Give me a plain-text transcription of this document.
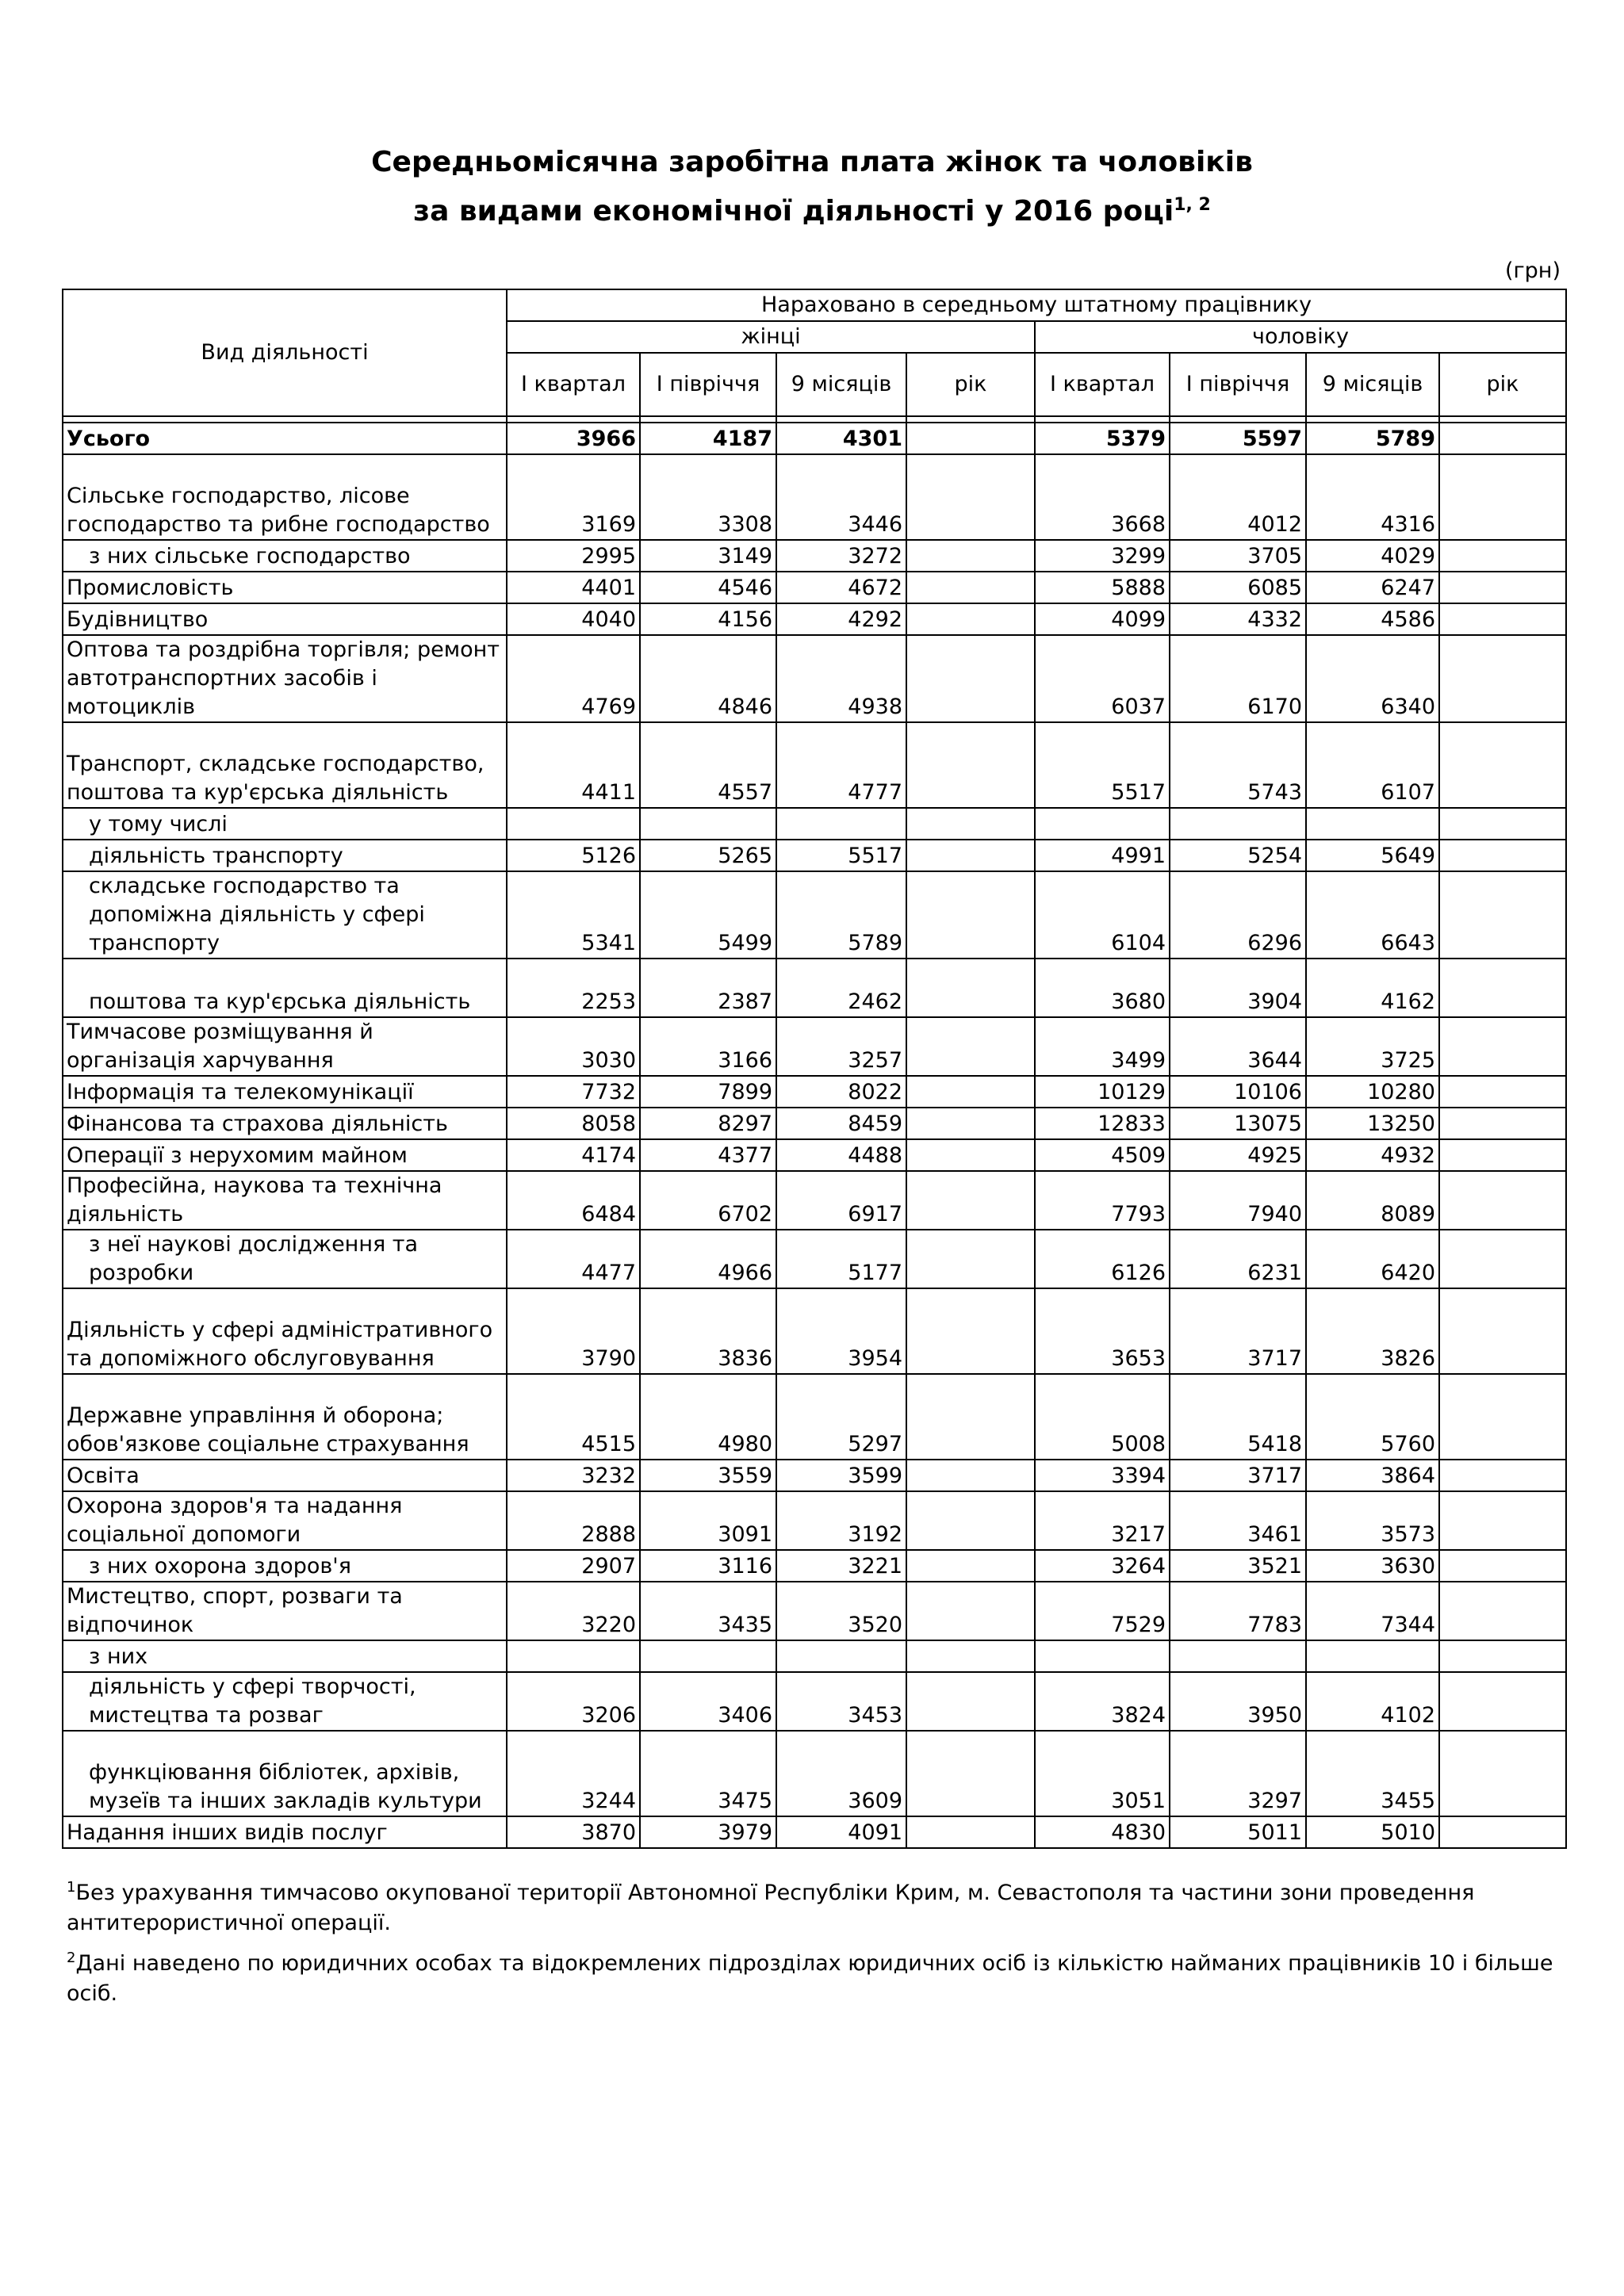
Середньомісячна заробітна плата жінок та чоловіків
за видами економічної діяльності у 2016 році$^{1, 2}$
(грн)
Вид діяльності	Нараховано в середньому штатному працівнику							
	жінці				чоловіку			
	I квартал	I півріччя	9 місяців	рік	I квартал	I півріччя	9 місяців	рік

Усього	3966	4187	4301		5379	5597	5789	
Сільське господарство, лісове господарство та рибне господарство	3169	3308	3446		3668	4012	4316	
з них сільське господарство	2995	3149	3272		3299	3705	4029	
Промисловість	4401	4546	4672		5888	6085	6247	
Будівництво	4040	4156	4292		4099	4332	4586	
Оптова та роздрібна торгівля; ремонт автотранспортних засобів і мотоциклів	4769	4846	4938		6037	6170	6340	
Транспорт, складське господарство, поштова та кур'єрська діяльність	4411	4557	4777		5517	5743	6107	
у тому числі								
діяльність транспорту	5126	5265	5517		4991	5254	5649	
складське господарство та допоміжна діяльність у сфері транспорту	5341	5499	5789		6104	6296	6643	
поштова та кур'єрська діяльність	2253	2387	2462		3680	3904	4162	
Тимчасове розміщування й організація харчування	3030	3166	3257		3499	3644	3725	
Інформація та телекомунікації	7732	7899	8022		10129	10106	10280	
Фінансова та страхова діяльність	8058	8297	8459		12833	13075	13250	
Операції з нерухомим майном	4174	4377	4488		4509	4925	4932	
Професійна, наукова та технічна діяльність	6484	6702	6917		7793	7940	8089	
з неї наукові дослідження та розробки	4477	4966	5177		6126	6231	6420	
Діяльність у сфері адміністративного та допоміжного обслуговування	3790	3836	3954		3653	3717	3826	
Державне управління й оборона; обов'язкове соціальне страхування	4515	4980	5297		5008	5418	5760	
Освіта	3232	3559	3599		3394	3717	3864	
Охорона здоров'я та надання соціальної допомоги	2888	3091	3192		3217	3461	3573	
з них охорона здоров'я	2907	3116	3221		3264	3521	3630	
Мистецтво, спорт, розваги та відпочинок	3220	3435	3520		7529	7783	7344	
з них								
діяльність у сфері творчості, мистецтва та розваг	3206	3406	3453		3824	3950	4102	
функціювання бібліотек, архівів, музеїв та інших закладів культури	3244	3475	3609		3051	3297	3455	
Надання інших видів послуг	3870	3979	4091		4830	5011	5010	

$^1$Без урахування тимчасово окупованої території Автономної Республіки Крим, м. Севастополя та частини зони проведення антитерористичної операції.

$^2$Дані наведено по юридичних особах та відокремлених підрозділах юридичних осіб із кількістю найманих працівників 10 і більше осіб.
